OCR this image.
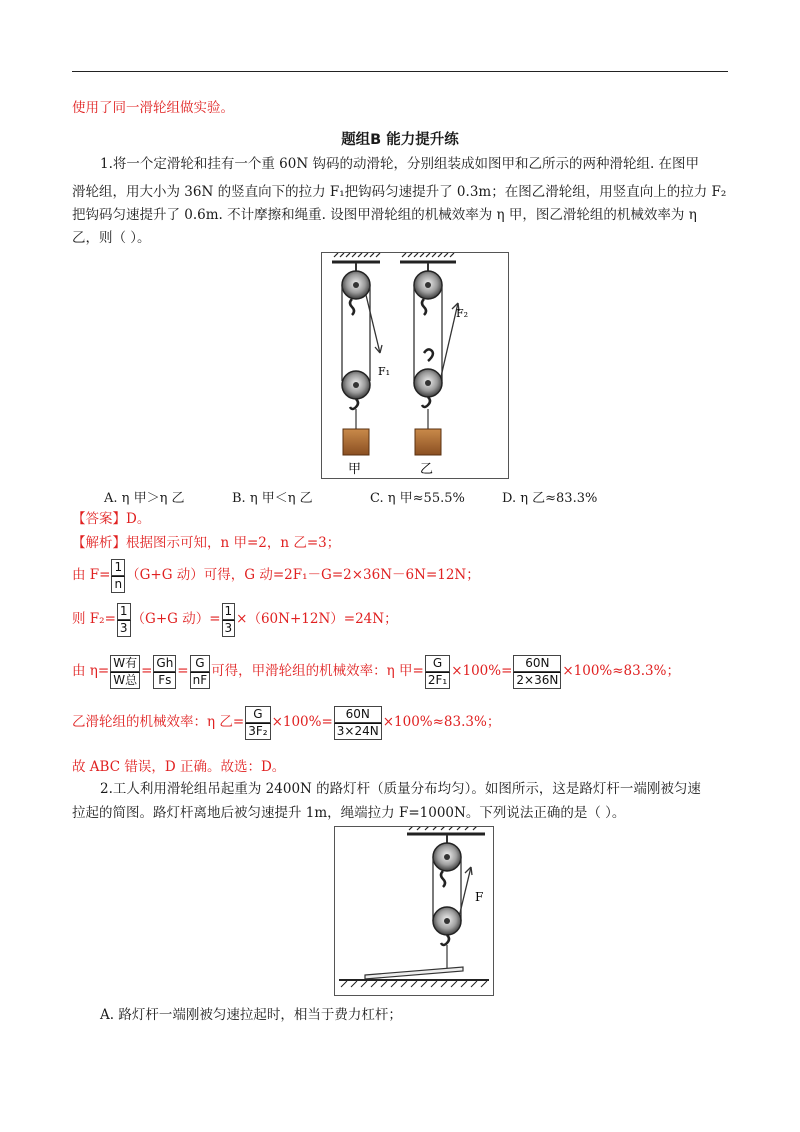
使用了同一滑轮组做实验。
题组B 能力提升练
1.将一个定滑轮和挂有一个重 60N 钩码的动滑轮，分别组装成如图甲和乙所示的两种滑轮组. 在图甲
滑轮组，用大小为 36N 的竖直向下的拉力 F₁把钩码匀速提升了 0.3m；在图乙滑轮组，用竖直向上的拉力 F₂
把钩码匀速提升了 0.6m. 不计摩擦和绳重. 设图甲滑轮组的机械效率为 η 甲，图乙滑轮组的机械效率为 η
乙，则（ ）。
F₁
甲
F₂
乙
A. η 甲＞η 乙	B. η 甲＜η 乙	C. η 甲≈55.5%	D. η 乙≈83.3%
【答案】D。
【解析】根据图示可知，n 甲=2，n 乙=3；
由 $F= \frac{1}{n} (G+G$ 动）可得，G 动=2F₁－G=2×36N－6N=12N；
则 $F_2= \frac{1}{3} (G+G$ 动）= $\frac{1}{3} \times(60N+12N)=24N$；
由 $\eta= \frac{\text{W有}}{\text{W总}} = \frac{Gh}{Fs} = \frac{G}{nF}$ 可得，甲滑轮组的机械效率：η 甲= $\frac{G}{\text{2F₁}} \times 100\%= \frac{60N}{2\times 36N} \times 100\%\approx 83.3\%$；
乙滑轮组的机械效率：η 乙= $\frac{G}{\text{3F₂}} \times 100\%= \frac{60N}{3\times 24N} \times 100\%\approx 83.3\%$；
故 ABC 错误，D 正确。故选：D。
2.工人利用滑轮组吊起重为 2400N 的路灯杆（质量分布均匀）。如图所示，这是路灯杆一端刚被匀速
拉起的简图。路灯杆离地后被匀速提升 1m，绳端拉力 F=1000N。下列说法正确的是（ ）。
F
A. 路灯杆一端刚被匀速拉起时，相当于费力杠杆；
